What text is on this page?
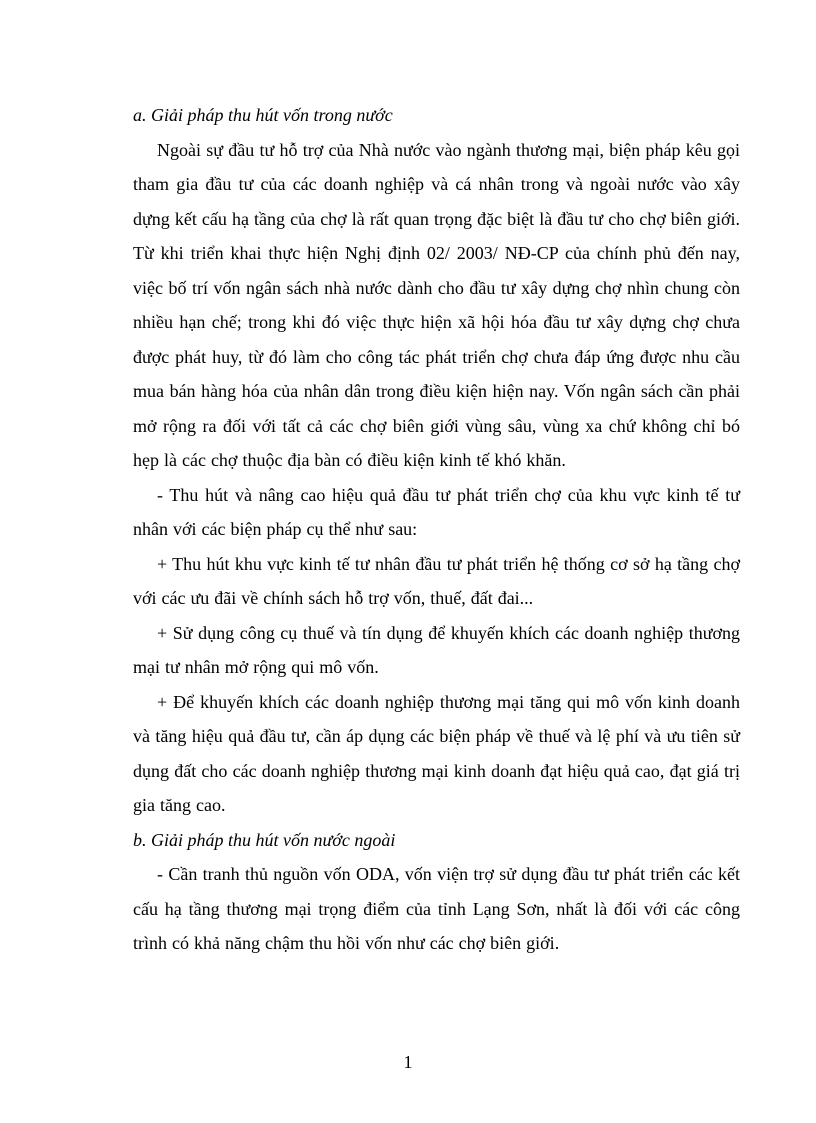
a. Giải pháp thu hút vốn trong nước

Ngoài sự đầu tư hỗ trợ của Nhà nước vào ngành thương mại, biện pháp kêu gọi tham gia đầu tư của các doanh nghiệp và cá nhân trong và ngoài nước vào xây dựng kết cấu hạ tầng của chợ là rất quan trọng đặc biệt là đầu tư cho chợ biên giới. Từ khi triển khai thực hiện Nghị định 02/ 2003/ NĐ-CP của chính phủ đến nay, việc bố trí vốn ngân sách nhà nước dành cho đầu tư xây dựng chợ nhìn chung còn nhiều hạn chế; trong khi đó việc thực hiện xã hội hóa đầu tư xây dựng chợ chưa được phát huy, từ đó làm cho công tác phát triển chợ chưa đáp ứng được nhu cầu mua bán hàng hóa của nhân dân trong điều kiện hiện nay. Vốn ngân sách cần phải mở rộng ra đối với tất cả các chợ biên giới vùng sâu, vùng xa chứ không chỉ bó hẹp là các chợ thuộc địa bàn có điều kiện kinh tế khó khăn.

- Thu hút và nâng cao hiệu quả đầu tư phát triển chợ của khu vực kinh tế tư nhân với các biện pháp cụ thể như sau:

+ Thu hút khu vực kinh tế tư nhân đầu tư phát triển hệ thống cơ sở hạ tầng chợ với các ưu đãi về chính sách hỗ trợ vốn, thuế, đất đai...

+ Sử dụng công cụ thuế và tín dụng để khuyến khích các doanh nghiệp thương mại tư nhân mở rộng qui mô vốn.

+ Để khuyến khích các doanh nghiệp thương mại tăng qui mô vốn kinh doanh và tăng hiệu quả đầu tư, cần áp dụng các biện pháp về thuế và lệ phí và ưu tiên sử dụng đất cho các doanh nghiệp thương mại kinh doanh đạt hiệu quả cao, đạt giá trị gia tăng cao.

b. Giải pháp thu hút vốn nước ngoài

- Cần tranh thủ nguồn vốn ODA, vốn viện trợ sử dụng đầu tư phát triển các kết cấu hạ tầng thương mại trọng điểm của tỉnh Lạng Sơn, nhất là đối với các công trình có khả năng chậm thu hồi vốn như các chợ biên giới.

1
